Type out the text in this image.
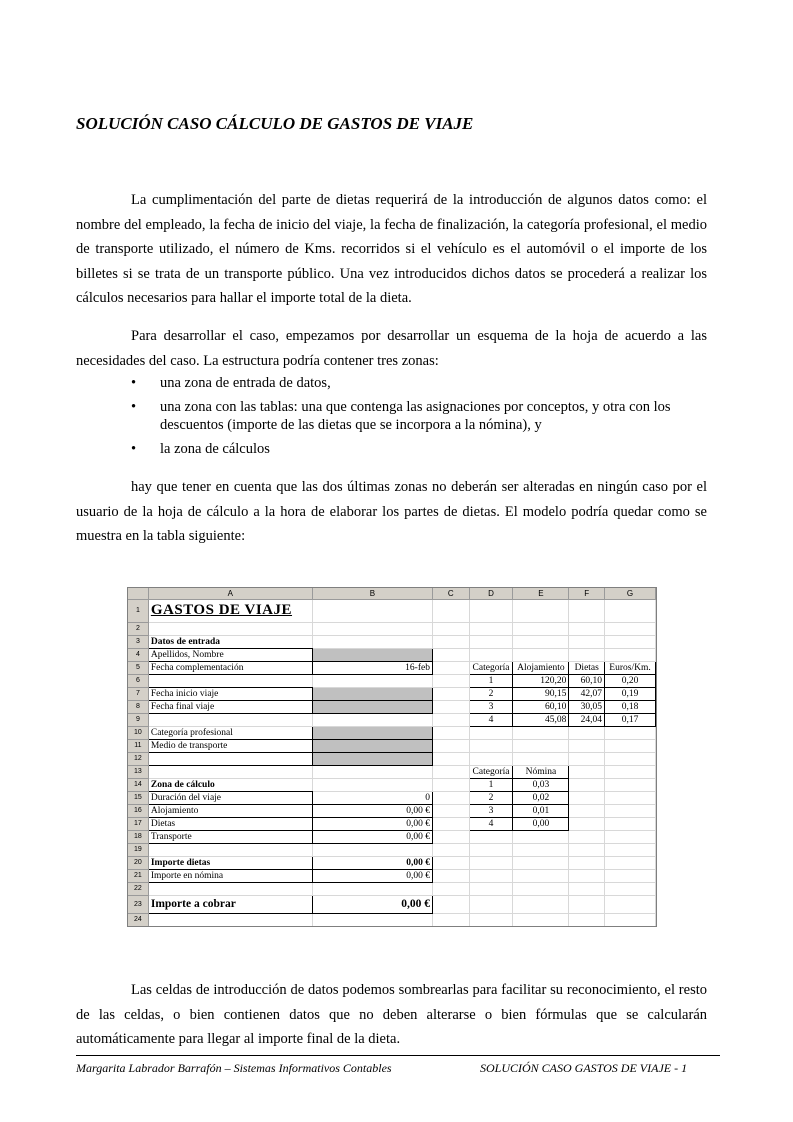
SOLUCIÓN CASO CÁLCULO DE GASTOS DE VIAJE

La cumplimentación del parte de dietas requerirá de la introducción de algunos datos como: el nombre del empleado, la fecha de inicio del viaje, la fecha de finalización, la categoría profesional, el medio de transporte utilizado, el número de Kms. recorridos si el vehículo es el automóvil o el importe de los billetes si se trata de un transporte público. Una vez introducidos dichos datos se procederá a realizar los cálculos necesarios para hallar el importe total de la dieta.

Para desarrollar el caso, empezamos por desarrollar un esquema de la hoja de acuerdo a las necesidades del caso. La estructura podría contener tres zonas:

• una zona de entrada de datos,
• una zona con las tablas: una que contenga las asignaciones por conceptos, y otra con los descuentos (importe de las dietas que se incorpora a la nómina), y
• la zona de cálculos

hay que tener en cuenta que las dos últimas zonas no deberán ser alteradas en ningún caso por el usuario de la hoja de cálculo a la hora de elaborar los partes de dietas. El modelo podría quedar como se muestra en la tabla siguiente:

	A	B	C	D	E	F	G
1	GASTOS DE VIAJE						
2							
3	Datos de entrada						
4	Apellidos, Nombre						
5	Fecha complementación	16-feb		Categoría	Alojamiento	Dietas	Euros/Km.
6				1	120,20	60,10	0,20
7	Fecha inicio viaje			2	90,15	42,07	0,19
8	Fecha final viaje			3	60,10	30,05	0,18
9				4	45,08	24,04	0,17
10	Categoría profesional						
11	Medio de transporte						
12							
13				Categoría	Nómina		
14	Zona de cálculo			1	0,03		
15	Duración del viaje	0		2	0,02		
16	Alojamiento	0,00 €		3	0,01		
17	Dietas	0,00 €		4	0,00		
18	Transporte	0,00 €					
19							
20	Importe dietas	0,00 €					
21	Importe en nómina	0,00 €					
22							
23	Importe a cobrar	0,00 €					
24							

Las celdas de introducción de datos podemos sombrearlas para facilitar su reconocimiento, el resto de las celdas, o bien contienen datos que no deben alterarse o bien fórmulas que se calcularán automáticamente para llegar al importe final de la dieta.

Margarita Labrador Barrafón – Sistemas Informativos Contables	SOLUCIÓN CASO GASTOS DE VIAJE - 1
